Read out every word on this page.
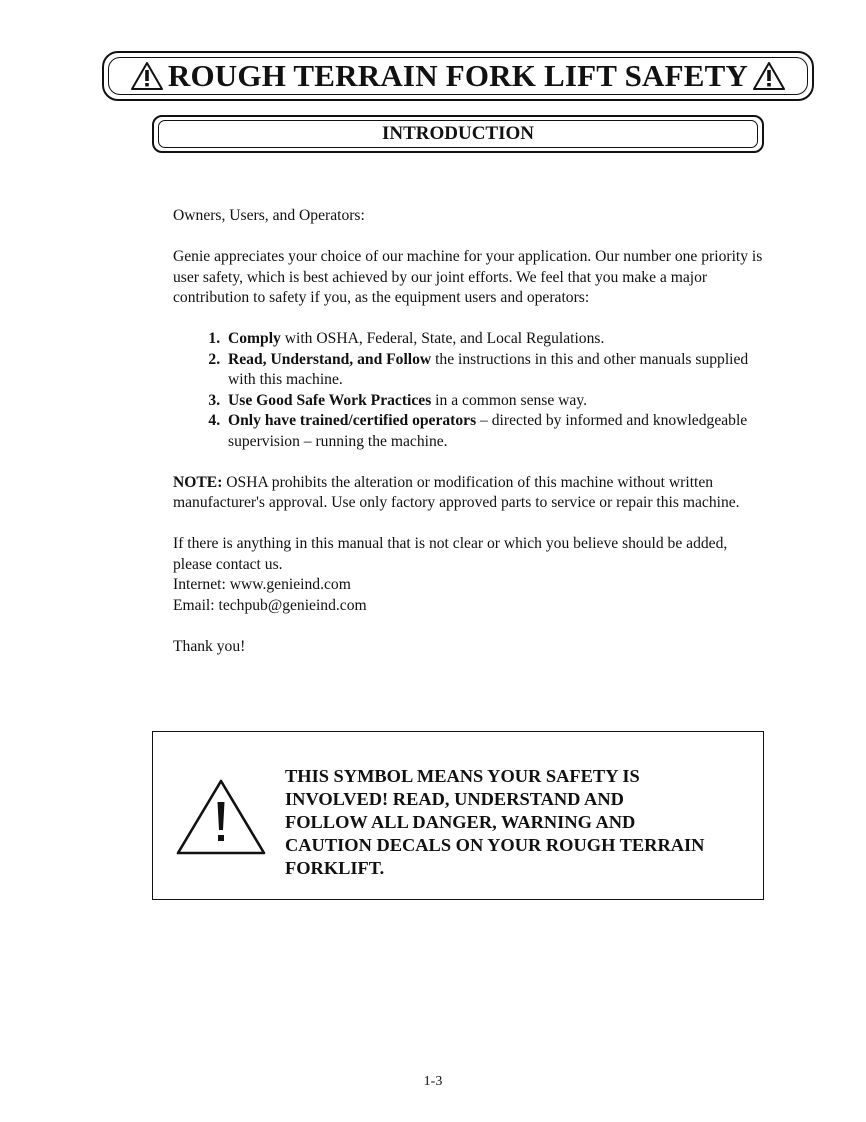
ROUGH TERRAIN FORK LIFT SAFETY
INTRODUCTION

Owners, Users, and Operators:

Genie appreciates your choice of our machine for your application. Our number one priority is user safety, which is best achieved by our joint efforts. We feel that you make a major contribution to safety if you, as the equipment users and operators:

1. Comply with OSHA, Federal, State, and Local Regulations.
2. Read, Understand, and Follow the instructions in this and other manuals supplied with this machine.
3. Use Good Safe Work Practices in a common sense way.
4. Only have trained/certified operators – directed by informed and knowledgeable supervision – running the machine.

NOTE: OSHA prohibits the alteration or modification of this machine without written manufacturer's approval. Use only factory approved parts to service or repair this machine.

If there is anything in this manual that is not clear or which you believe should be added, please contact us.
Internet: www.genieind.com
Email: techpub@genieind.com

Thank you!

THIS SYMBOL MEANS YOUR SAFETY IS
INVOLVED! READ, UNDERSTAND AND
FOLLOW ALL DANGER, WARNING AND
CAUTION DECALS ON YOUR ROUGH TERRAIN
FORKLIFT.
1-3
